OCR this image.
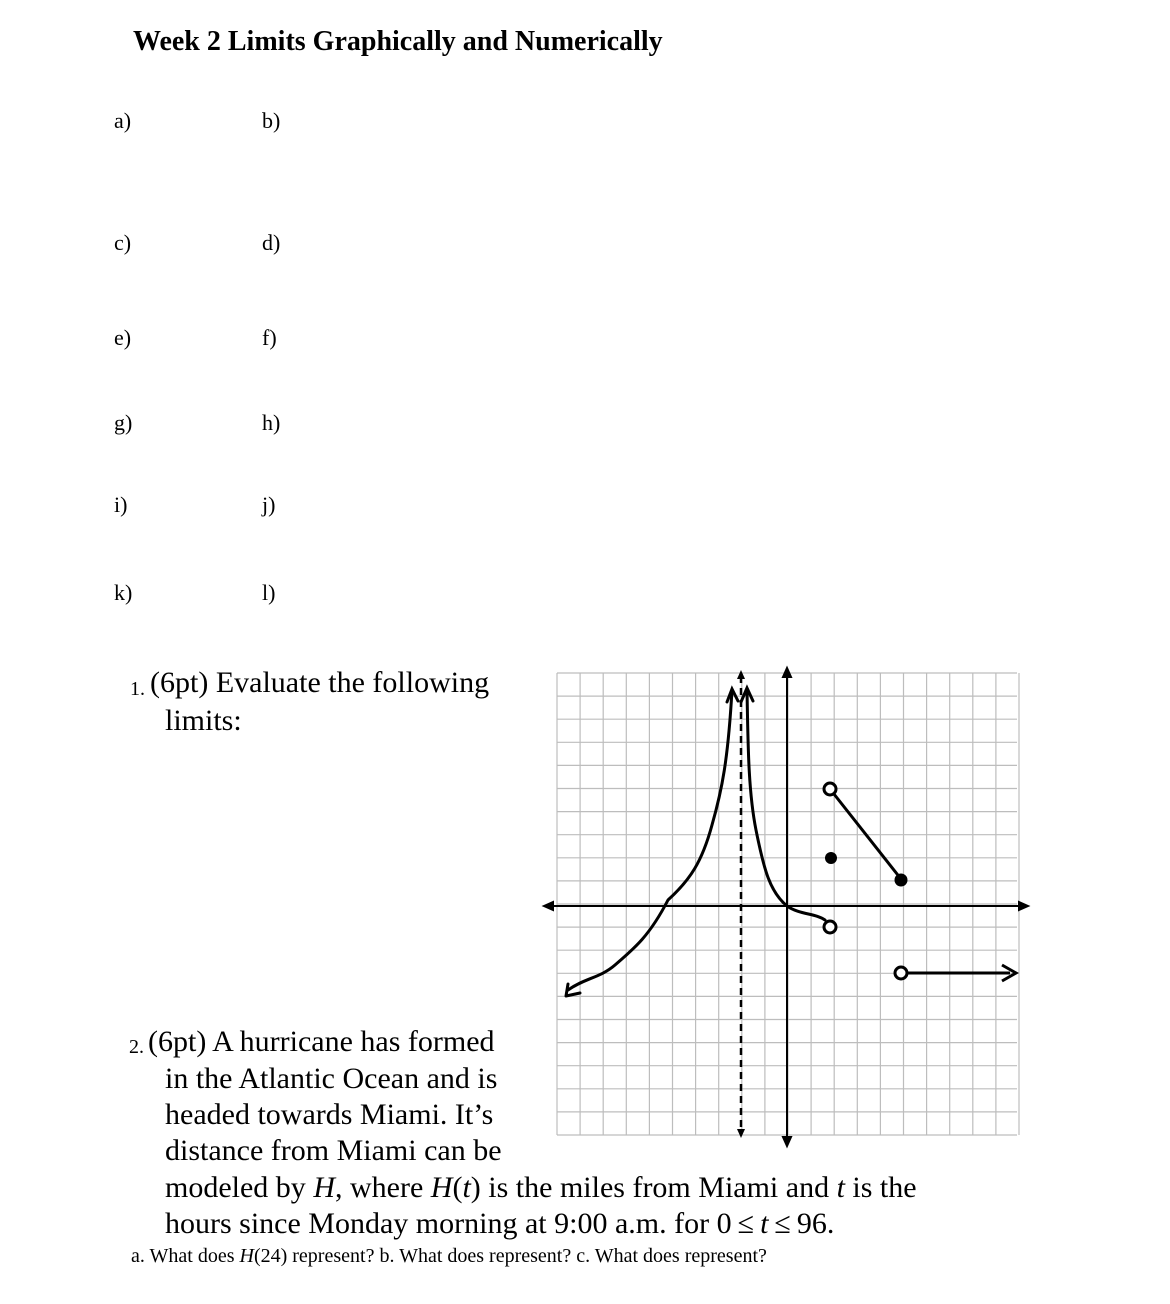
Week 2 Limits Graphically and Numerically
a)	b)
c)	d)
e)	f)
g)	h)
i)	j)
k)	l)
1. (6pt) Evaluate the following
limits:
2. (6pt) A hurricane has formed
in the Atlantic Ocean and is
headed towards Miami. It’s
distance from Miami can be
modeled by H, where H(t) is the miles from Miami and t is the
hours since Monday morning at 9:00 a.m. for 0 ≤ t ≤ 96.
a. What does H(24) represent? b. What does represent? c. What does represent?
